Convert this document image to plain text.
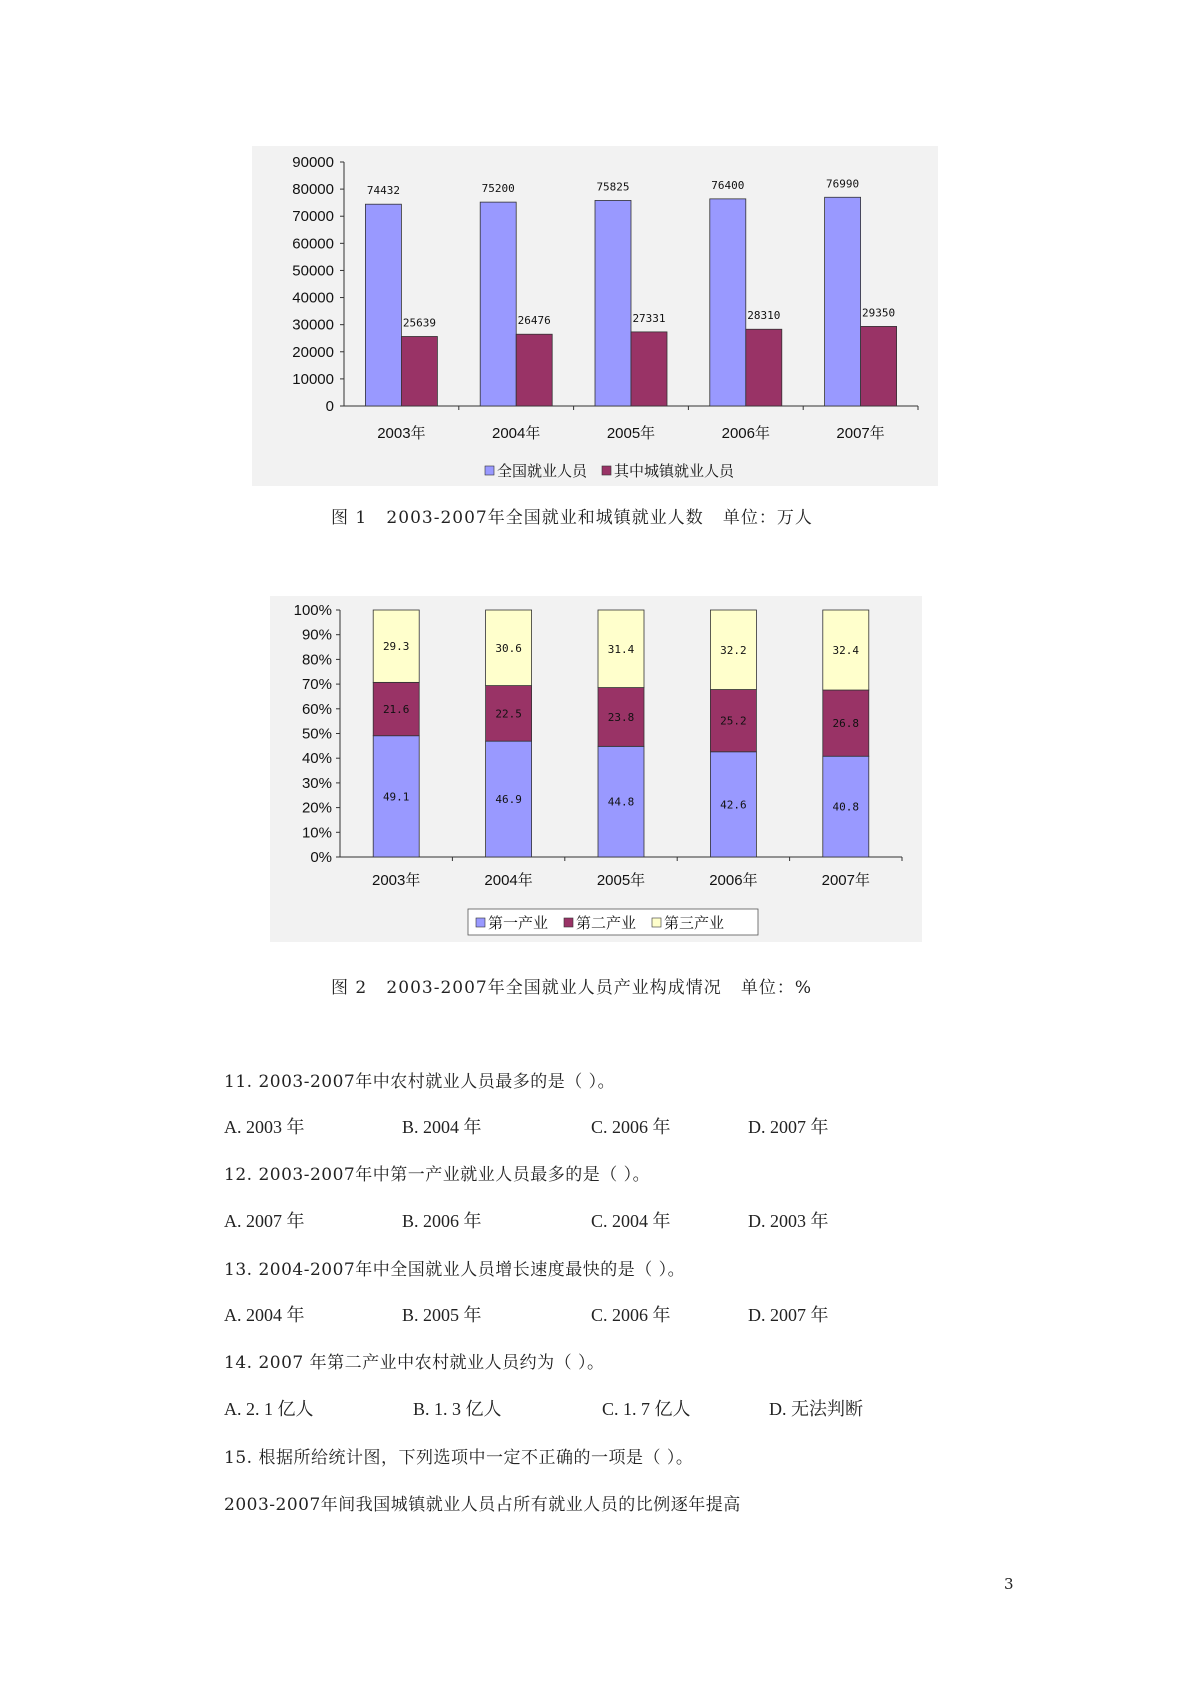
0
10000
20000
30000
40000
50000
60000
70000
80000
90000
2003年
74432
25639
2004年
75200
26476
2005年
75825
27331
2006年
76400
28310
2007年
76990
29350
全国就业人员 其中城镇就业人员
图 1   2003-2007年全国就业和城镇就业人数   单位：万人
0%
10%
20%
30%
40%
50%
60%
70%
80%
90%
100%
2003年
49.1
21.6
29.3
2004年
46.9
22.5
30.6
2005年
44.8
23.8
31.4
2006年
42.6
25.2
32.2
2007年
40.8
26.8
32.4
第一产业 第二产业 第三产业
图 2   2003-2007年全国就业人员产业构成情况   单位：%
11. 2003-2007年中农村就业人员最多的是（ ）。
A. 2003 年	B. 2004 年	C. 2006 年	D. 2007 年
12. 2003-2007年中第一产业就业人员最多的是（ ）。
A. 2007 年	B. 2006 年	C. 2004 年	D. 2003 年
13. 2004-2007年中全国就业人员增长速度最快的是（ ）。
A. 2004 年	B. 2005 年	C. 2006 年	D. 2007 年
14. 2007 年第二产业中农村就业人员约为（ ）。
A. 2. 1 亿人	B. 1. 3 亿人	C. 1. 7 亿人	D. 无法判断
15. 根据所给统计图，下列选项中一定不正确的一项是（ ）。
2003-2007年间我国城镇就业人员占所有就业人员的比例逐年提高
3
